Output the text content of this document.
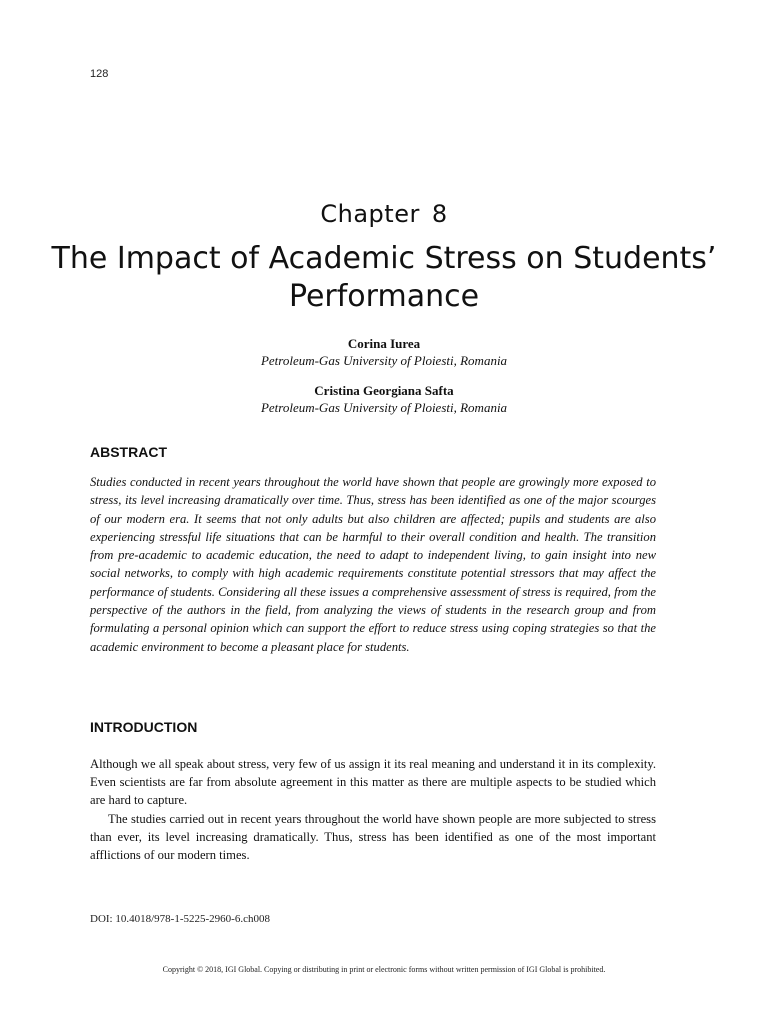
128
Chapter 8
The Impact of Academic Stress on Students’ Performance
Corina Iurea
Petroleum-Gas University of Ploiesti, Romania
Cristina Georgiana Safta
Petroleum-Gas University of Ploiesti, Romania
ABSTRACT

Studies conducted in recent years throughout the world have shown that people are growingly more exposed to stress, its level increasing dramatically over time. Thus, stress has been identified as one of the major scourges of our modern era. It seems that not only adults but also children are affected; pupils and students are also experiencing stressful life situations that can be harmful to their overall condition and health. The transition from pre-academic to academic education, the need to adapt to independent living, to gain insight into new social networks, to comply with high academic requirements constitute potential stressors that may affect the performance of students. Considering all these issues a comprehensive assessment of stress is required, from the perspective of the authors in the field, from analyzing the views of students in the research group and from formulating a personal opinion which can support the effort to reduce stress using coping strategies so that the academic environment to become a pleasant place for students.

INTRODUCTION

Although we all speak about stress, very few of us assign it its real meaning and understand it in its complexity. Even scientists are far from absolute agreement in this matter as there are multiple aspects to be studied which are hard to capture.

The studies carried out in recent years throughout the world have shown people are more subjected to stress than ever, its level increasing dramatically. Thus, stress has been identified as one of the most important afflictions of our modern times.

DOI: 10.4018/978-1-5225-2960-6.ch008
Copyright © 2018, IGI Global. Copying or distributing in print or electronic forms without written permission of IGI Global is prohibited.
